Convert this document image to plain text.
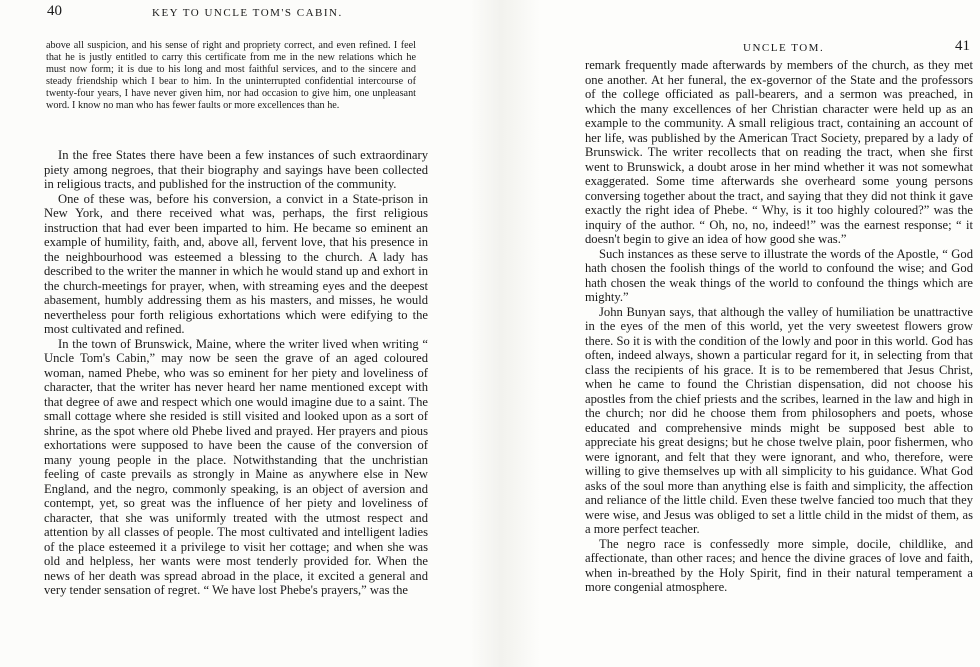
40	KEY TO UNCLE TOM'S CABIN.

above all suspicion, and his sense of right and propriety correct, and even refined. I feel that he is justly entitled to carry this certificate from me in the new relations which he must now form; it is due to his long and most faithful services, and to the sincere and steady friendship which I bear to him. In the uninterrupted confidential intercourse of twenty-four years, I have never given him, nor had occasion to give him, one unpleasant word. I know no man who has fewer faults or more excellences than he.

In the free States there have been a few instances of such extraordinary piety among negroes, that their biography and sayings have been collected in religious tracts, and published for the instruction of the community.

One of these was, before his conversion, a convict in a State-prison in New York, and there received what was, perhaps, the first religious instruction that had ever been imparted to him. He became so eminent an example of humility, faith, and, above all, fervent love, that his presence in the neighbourhood was esteemed a blessing to the church. A lady has described to the writer the manner in which he would stand up and exhort in the church-meetings for prayer, when, with streaming eyes and the deepest abasement, humbly addressing them as his masters, and misses, he would nevertheless pour forth religious exhortations which were edifying to the most cultivated and refined.

In the town of Brunswick, Maine, where the writer lived when writing “ Uncle Tom's Cabin,” may now be seen the grave of an aged coloured woman, named Phebe, who was so eminent for her piety and loveliness of character, that the writer has never heard her name mentioned except with that degree of awe and respect which one would imagine due to a saint. The small cottage where she resided is still visited and looked upon as a sort of shrine, as the spot where old Phebe lived and prayed. Her prayers and pious exhortations were supposed to have been the cause of the conversion of many young people in the place. Notwithstanding that the unchristian feeling of caste prevails as strongly in Maine as anywhere else in New England, and the negro, commonly speaking, is an object of aversion and contempt, yet, so great was the influence of her piety and loveliness of character, that she was uniformly treated with the utmost respect and attention by all classes of people. The most cultivated and intelligent ladies of the place esteemed it a privilege to visit her cottage; and when she was old and helpless, her wants were most tenderly provided for. When the news of her death was spread abroad in the place, it excited a general and very tender sensation of regret. “ We have lost Phebe's prayers,” was the

UNCLE TOM.	41

remark frequently made afterwards by members of the church, as they met one another. At her funeral, the ex-governor of the State and the professors of the college officiated as pall-bearers, and a sermon was preached, in which the many excellences of her Christian character were held up as an example to the community. A small religious tract, containing an account of her life, was published by the American Tract Society, prepared by a lady of Brunswick. The writer recollects that on reading the tract, when she first went to Brunswick, a doubt arose in her mind whether it was not somewhat exaggerated. Some time afterwards she overheard some young persons conversing together about the tract, and saying that they did not think it gave exactly the right idea of Phebe. “ Why, is it too highly coloured?” was the inquiry of the author. “ Oh, no, no, indeed!” was the earnest response; “ it doesn't begin to give an idea of how good she was.”

Such instances as these serve to illustrate the words of the Apostle, “ God hath chosen the foolish things of the world to confound the wise; and God hath chosen the weak things of the world to confound the things which are mighty.”

John Bunyan says, that although the valley of humiliation be unattractive in the eyes of the men of this world, yet the very sweetest flowers grow there. So it is with the condition of the lowly and poor in this world. God has often, indeed always, shown a particular regard for it, in selecting from that class the recipients of his grace. It is to be remembered that Jesus Christ, when he came to found the Christian dispensation, did not choose his apostles from the chief priests and the scribes, learned in the law and high in the church; nor did he choose them from philosophers and poets, whose educated and comprehensive minds might be supposed best able to appreciate his great designs; but he chose twelve plain, poor fishermen, who were ignorant, and felt that they were ignorant, and who, therefore, were willing to give themselves up with all simplicity to his guidance. What God asks of the soul more than anything else is faith and simplicity, the affection and reliance of the little child. Even these twelve fancied too much that they were wise, and Jesus was obliged to set a little child in the midst of them, as a more perfect teacher.

The negro race is confessedly more simple, docile, childlike, and affectionate, than other races; and hence the divine graces of love and faith, when in-breathed by the Holy Spirit, find in their natural temperament a more congenial atmosphere.
